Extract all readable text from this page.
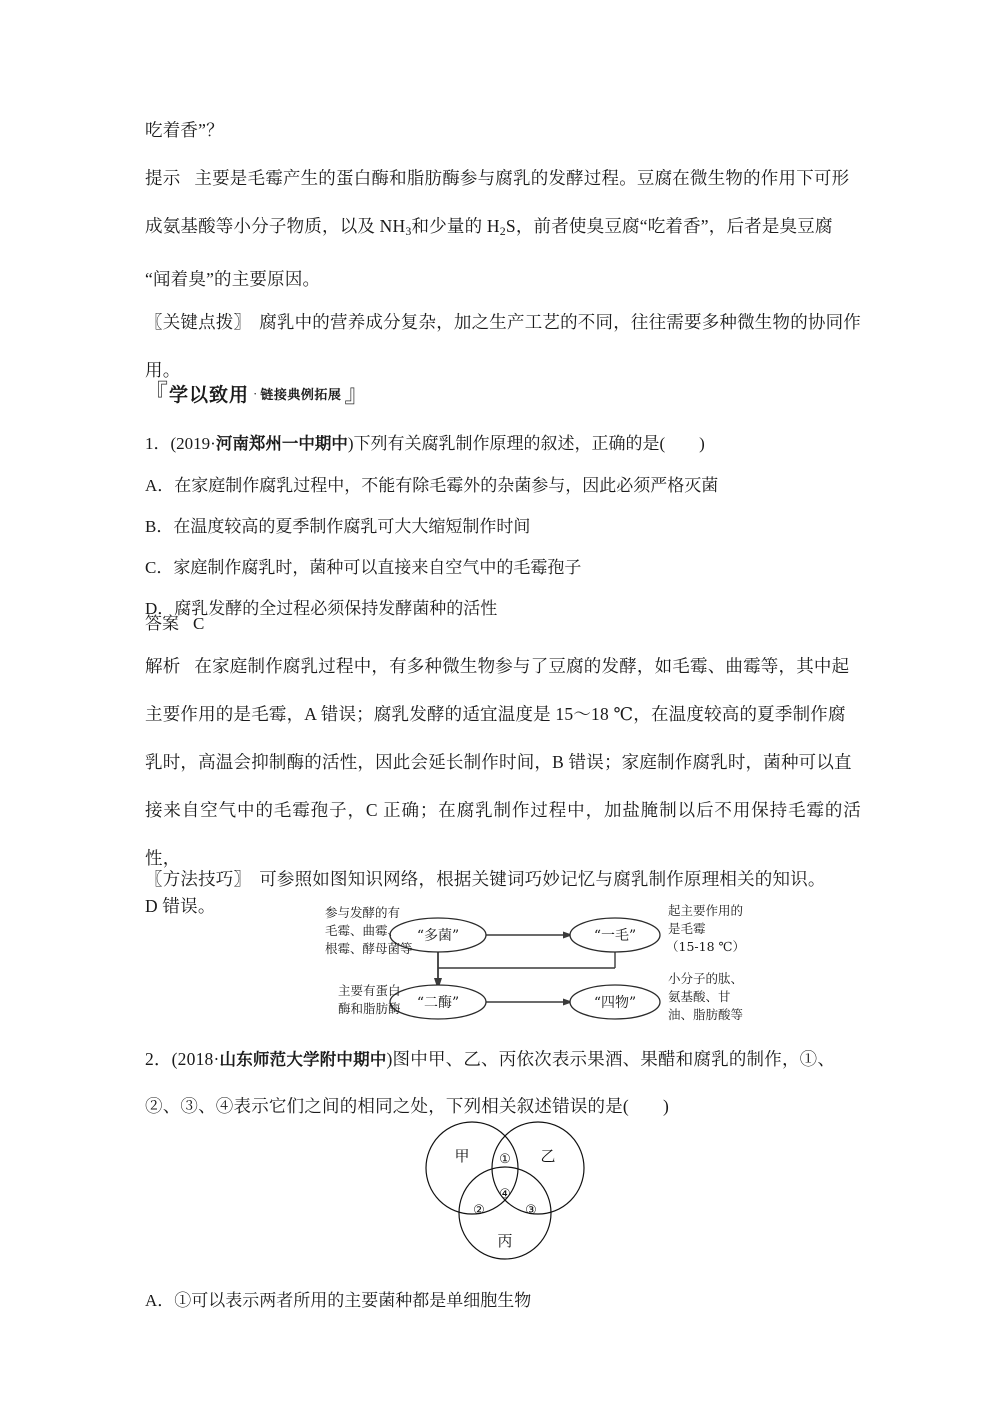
吃着香”？
提示 主要是毛霉产生的蛋白酶和脂肪酶参与腐乳的发酵过程。豆腐在微生物的作用下可形
成氨基酸等小分子物质，以及 $NH_3$和少量的 $H_2S$，前者使臭豆腐“吃着香”，后者是臭豆腐
“闻着臭”的主要原因。
〖关键点拨〗 腐乳中的营养成分复杂，加之生产工艺的不同，往往需要多种微生物的协同作
用。
『 学以致用 · 链接典例拓展 』
1．(2019·河南郑州一中期中)下列有关腐乳制作原理的叙述，正确的是( )
A．在家庭制作腐乳过程中，不能有除毛霉外的杂菌参与，因此必须严格灭菌
B．在温度较高的夏季制作腐乳可大大缩短制作时间
C．家庭制作腐乳时，菌种可以直接来自空气中的毛霉孢子
D．腐乳发酵的全过程必须保持发酵菌种的活性
答案 C
解析 在家庭制作腐乳过程中，有多种微生物参与了豆腐的发酵，如毛霉、曲霉等，其中起
主要作用的是毛霉，A 错误；腐乳发酵的适宜温度是 15～18 ℃，在温度较高的夏季制作腐
乳时，高温会抑制酶的活性，因此会延长制作时间，B 错误；家庭制作腐乳时，菌种可以直
接来自空气中的毛霉孢子，C 正确；在腐乳制作过程中，加盐腌制以后不用保持毛霉的活性，
D 错误。
〖方法技巧〗 可参照如图知识网络，根据关键词巧妙记忆与腐乳制作原理相关的知识。
“多菌”	“一毛”
“二酶”	“四物”
参与发酵的有
毛霉、曲霉、
根霉、酵母菌等
主要有蛋白
酶和脂肪酶
起主要作用的
是毛霉
（15-18 ℃）
小分子的肽、
氨基酸、甘
油、脂肪酸等
2．(2018·山东师范大学附中期中)图中甲、乙、丙依次表示果酒、果醋和腐乳的制作，①、
②、③、④表示它们之间的相同之处，下列相关叙述错误的是( )
甲	乙
丙
①
④
②	③
A．①可以表示两者所用的主要菌种都是单细胞生物
